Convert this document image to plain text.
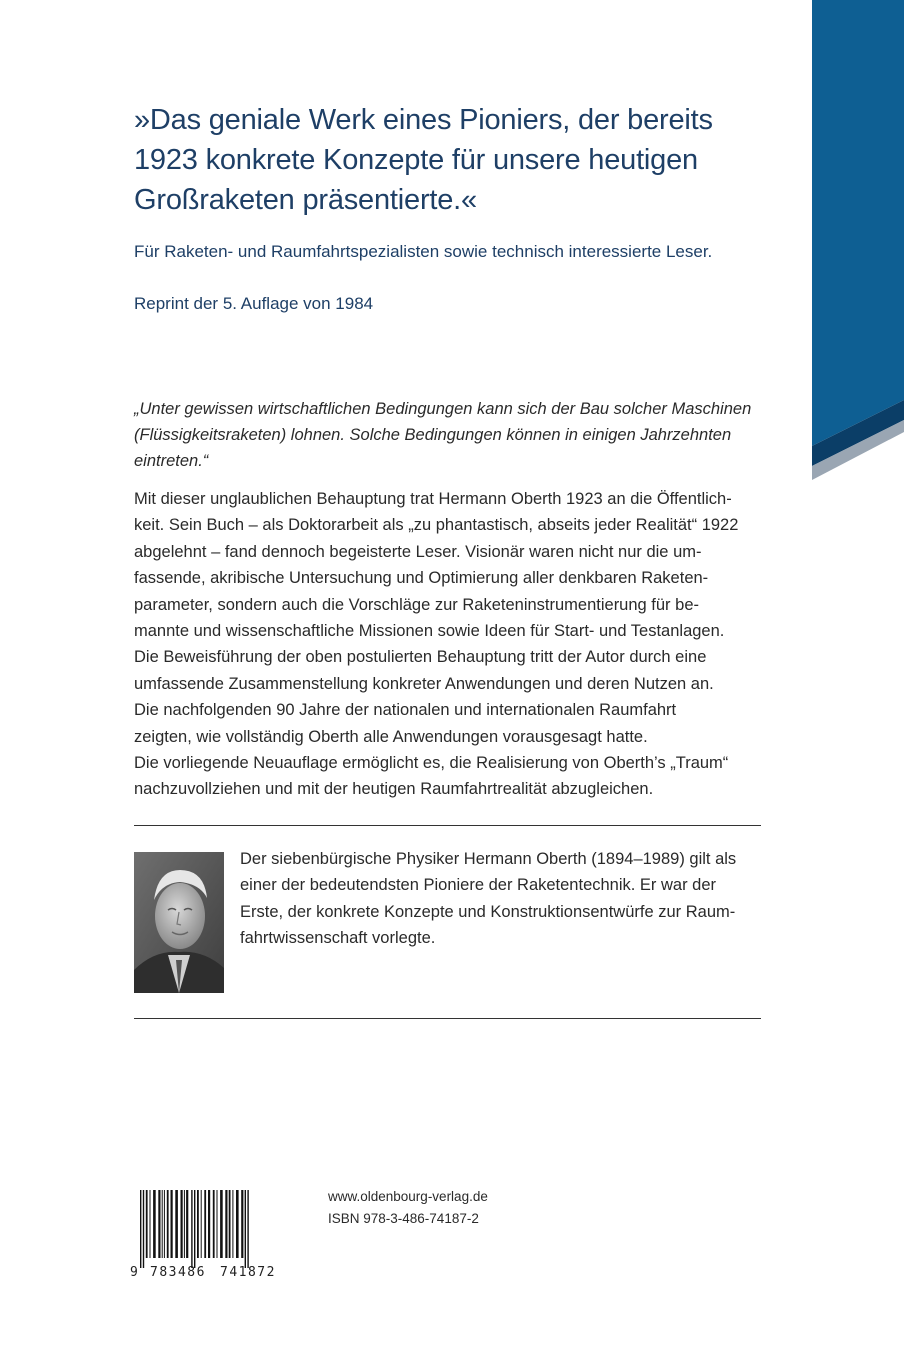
»Das geniale Werk eines Pioniers, der bereits 1923 konkrete Konzepte für unsere heutigen Großraketen präsentierte.«
Für Raketen- und Raumfahrtspezialisten sowie technisch interessierte Leser.
Reprint der 5. Auflage von 1984
„Unter gewissen wirtschaftlichen Bedingungen kann sich der Bau solcher Maschinen (Flüssigkeitsraketen) lohnen. Solche Bedingungen können in einigen Jahrzehnten eintreten.“
Mit dieser unglaublichen Behauptung trat Hermann Oberth 1923 an die Öffentlich-
keit. Sein Buch – als Doktorarbeit als „zu phantastisch, abseits jeder Realität“ 1922
abgelehnt – fand dennoch begeisterte Leser. Visionär waren nicht nur die um-
fassende, akribische Untersuchung und Optimierung aller denkbaren Raketen-
parameter, sondern auch die Vorschläge zur Raketeninstrumentierung für be-
mannte und wissenschaftliche Missionen sowie Ideen für Start- und Testanlagen.
Die Beweisführung der oben postulierten Behauptung tritt der Autor durch eine
umfassende Zusammenstellung konkreter Anwendungen und deren Nutzen an.
Die nachfolgenden 90 Jahre der nationalen und internationalen Raumfahrt
zeigten, wie vollständig Oberth alle Anwendungen vorausgesagt hatte.
Die vorliegende Neuauflage ermöglicht es, die Realisierung von Oberth’s „Traum“
nachzuvollziehen und mit der heutigen Raumfahrtrealität abzugleichen.
Der siebenbürgische Physiker Hermann Oberth (1894–1989) gilt als
einer der bedeutendsten Pioniere der Raketentechnik. Er war der
Erste, der konkrete Konzepte und Konstruktionsentwürfe zur Raum-
fahrtwissenschaft vorlegte.
9 783486 741872
www.oldenbourg-verlag.de
ISBN 978-3-486-74187-2
